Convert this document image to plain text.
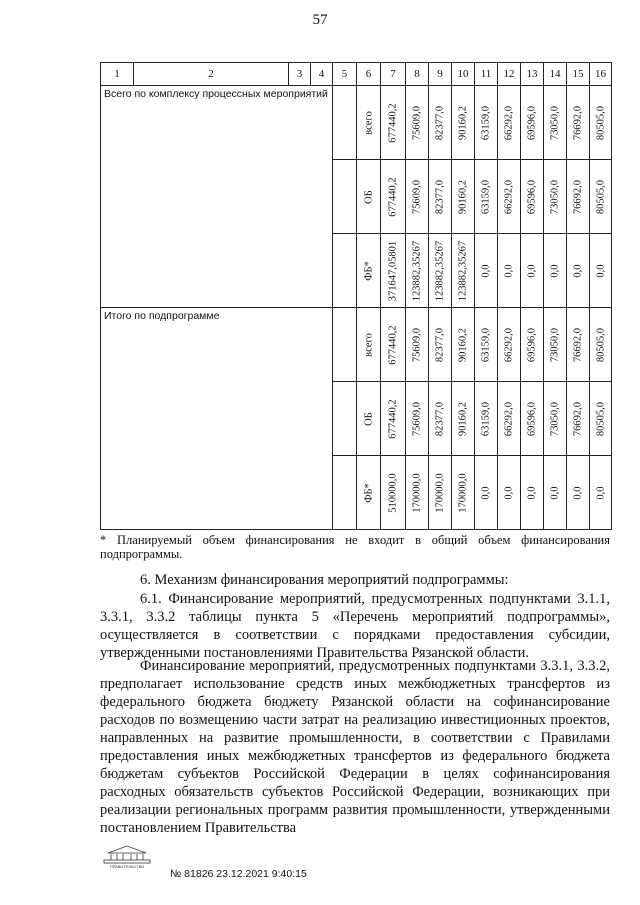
57
1	2	3	4	5	6	7	8	9	10	11	12	13	14	15	16
Всего по комплексу процессных мероприятий					всего	677440,2	75609,0	82377,0	90160,2	63159,0	66292,0	69596,0	73050,0	76692,0	80505,0

					ОБ	677440,2	75609,0	82377,0	90160,2	63159,0	66292,0	69596,0	73050,0	76692,0	80505,0

					ФБ*	371647,05801	123882,35267	123882,35267	123882,35267	0,0	0,0	0,0	0,0	0,0	0,0

Итого по подпрограмме					всего	677440,2	75609,0	82377,0	90160,2	63159,0	66292,0	69596,0	73050,0	76692,0	80505,0

					ОБ	677440,2	75609,0	82377,0	90160,2	63159,0	66292,0	69596,0	73050,0	76692,0	80505,0

					ФБ*	510000,0	170000,0	170000,0	170000,0	0,0	0,0	0,0	0,0	0,0	0,0
* Планируемый объем финансирования не входит в общий объем финансирования подпрограммы.
6. Механизм финансирования мероприятий подпрограммы:

6.1. Финансирование мероприятий, предусмотренных подпунктами 3.1.1, 3.3.1, 3.3.2 таблицы пункта 5 «Перечень мероприятий подпрограммы», осуществляется в соответствии с порядками предоставления субсидии, утвержденными постановлениями Правительства Рязанской области.

Финансирование мероприятий, предусмотренных подпунктами 3.3.1, 3.3.2, предполагает использование средств иных межбюджетных трансфертов из федерального бюджета бюджету Рязанской области на софинансирование расходов по возмещению части затрат на реализацию инвестиционных проектов, направленных на развитие промышленности, в соответствии с Правилами предоставления иных межбюджетных трансфертов из федерального бюджета бюджетам субъектов Российской Федерации в целях софинансирования расходных обязательств субъектов Российской Федерации, возникающих при реализации региональных программ развития промышленности, утвержденными постановлением Правительства

ПРАВИТЕЛЬСТВО
№ 81826 23.12.2021 9:40:15
